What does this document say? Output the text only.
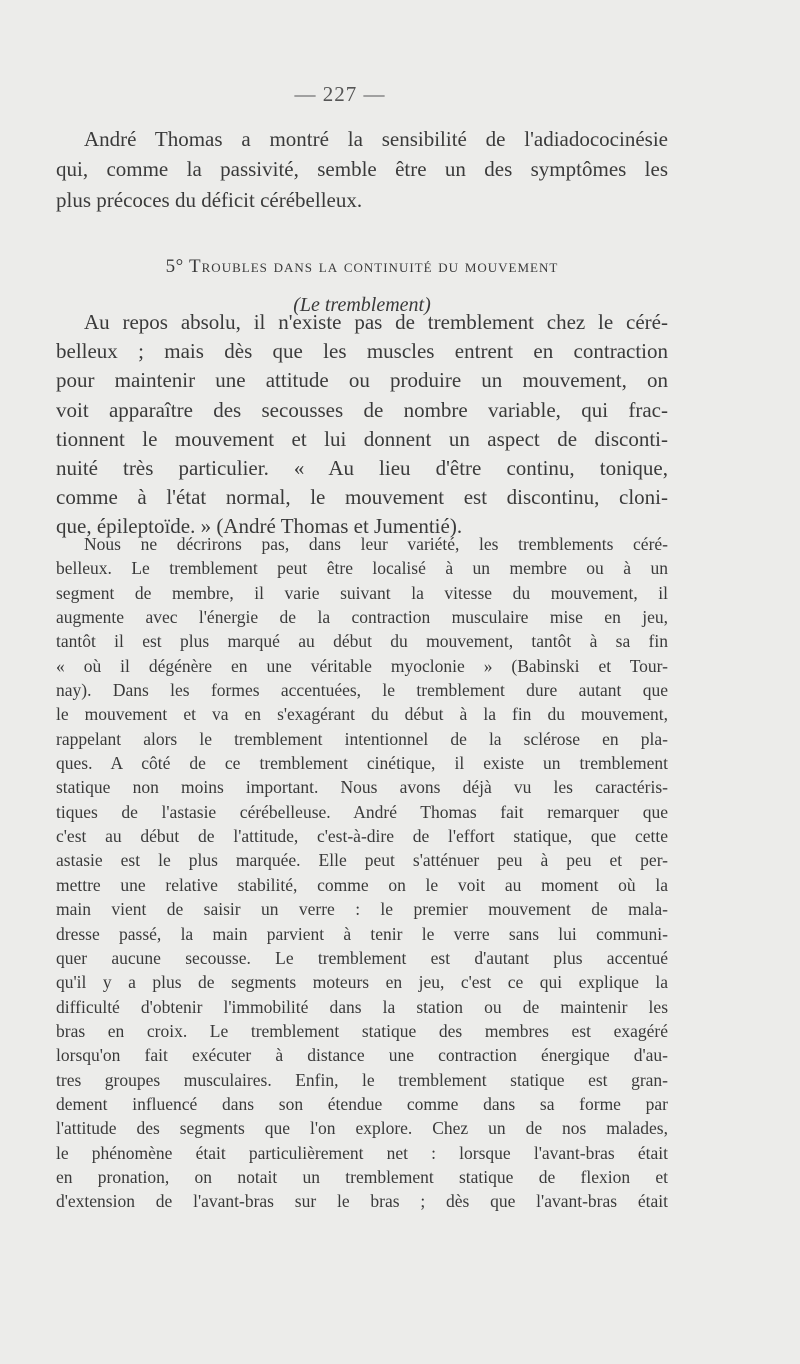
— 227 —
André Thomas a montré la sensibilité de l'adiadococinésie
qui, comme la passivité, semble être un des symptômes les
plus précoces du déficit cérébelleux.
5° Troubles dans la continuité du mouvement
(Le tremblement)
Au repos absolu, il n'existe pas de tremblement chez le céré-
belleux ; mais dès que les muscles entrent en contraction
pour maintenir une attitude ou produire un mouvement, on
voit apparaître des secousses de nombre variable, qui frac-
tionnent le mouvement et lui donnent un aspect de disconti-
nuité très particulier. « Au lieu d'être continu, tonique,
comme à l'état normal, le mouvement est discontinu, cloni-
que, épileptoïde. » (André Thomas et Jumentié).
Nous ne décrirons pas, dans leur variété, les tremblements céré-
belleux. Le tremblement peut être localisé à un membre ou à un
segment de membre, il varie suivant la vitesse du mouvement, il
augmente avec l'énergie de la contraction musculaire mise en jeu,
tantôt il est plus marqué au début du mouvement, tantôt à sa fin
« où il dégénère en une véritable myoclonie » (Babinski et Tour-
nay). Dans les formes accentuées, le tremblement dure autant que
le mouvement et va en s'exagérant du début à la fin du mouvement,
rappelant alors le tremblement intentionnel de la sclérose en pla-
ques. A côté de ce tremblement cinétique, il existe un tremblement
statique non moins important. Nous avons déjà vu les caractéris-
tiques de l'astasie cérébelleuse. André Thomas fait remarquer que
c'est au début de l'attitude, c'est-à-dire de l'effort statique, que cette
astasie est le plus marquée. Elle peut s'atténuer peu à peu et per-
mettre une relative stabilité, comme on le voit au moment où la
main vient de saisir un verre : le premier mouvement de mala-
dresse passé, la main parvient à tenir le verre sans lui communi-
quer aucune secousse. Le tremblement est d'autant plus accentué
qu'il y a plus de segments moteurs en jeu, c'est ce qui explique la
difficulté d'obtenir l'immobilité dans la station ou de maintenir les
bras en croix. Le tremblement statique des membres est exagéré
lorsqu'on fait exécuter à distance une contraction énergique d'au-
tres groupes musculaires. Enfin, le tremblement statique est gran-
dement influencé dans son étendue comme dans sa forme par
l'attitude des segments que l'on explore. Chez un de nos malades,
le phénomène était particulièrement net : lorsque l'avant-bras était
en pronation, on notait un tremblement statique de flexion et
d'extension de l'avant-bras sur le bras ; dès que l'avant-bras était
